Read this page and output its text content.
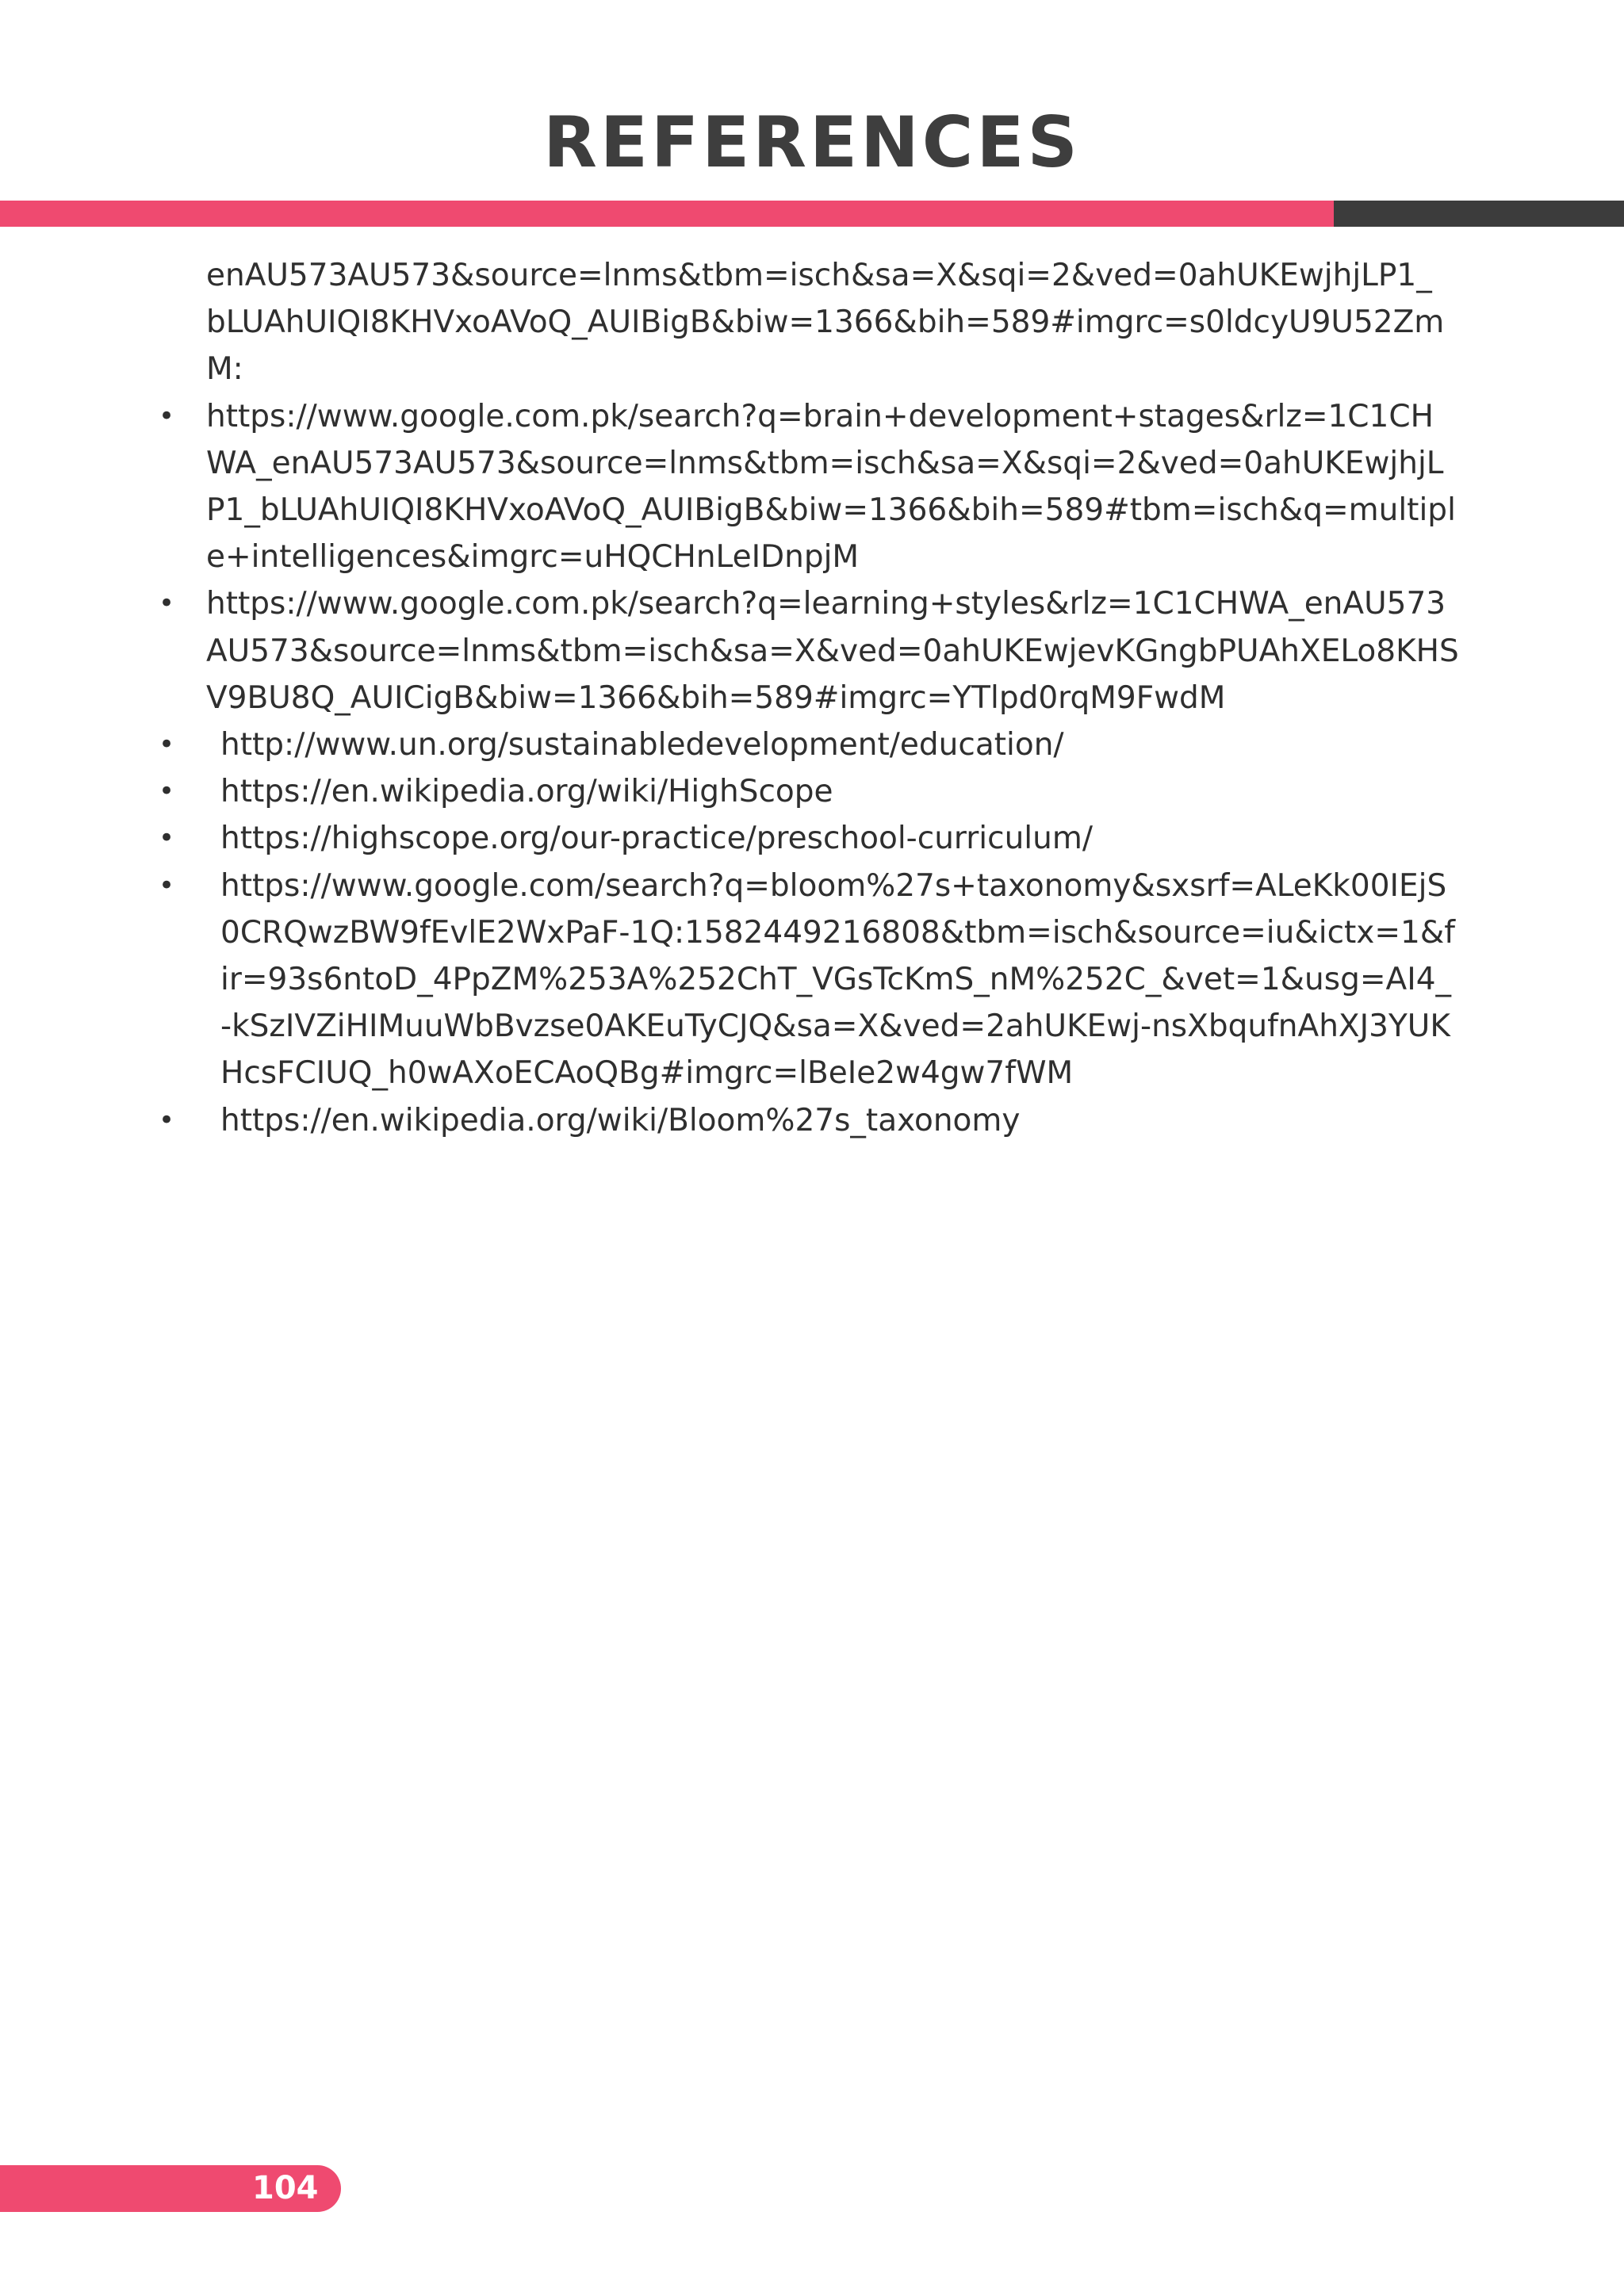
REFERENCES
enAU573AU573&source=lnms&tbm=isch&sa=X&sqi=2&ved=0ahUKEwjhjLP1_ bLUAhUIQI8KHVxoAVoQ_AUIBigB&biw=1366&bih=589#imgrc=s0ldcyU9U52ZmM:
• https://www.google.com.pk/search?q=brain+development+stages&rlz=1C1CHWA_enAU573AU573&source=lnms&tbm=isch&sa=X&sqi=2&ved=0ahUKEwjhjLP1_bLUAhUIQI8KHVxoAVoQ_AUIBigB&biw=1366&bih=589#tbm=isch&q=multiple+intelligences&imgrc=uHQCHnLeIDnpjM
• https://www.google.com.pk/search?q=learning+styles&rlz=1C1CHWA_enAU573AU573&source=lnms&tbm=isch&sa=X&ved=0ahUKEwjevKGngbPUAhXELo8KHSV9BU8Q_AUICigB&biw=1366&bih=589#imgrc=YTlpd0rqM9FwdM
• http://www.un.org/sustainabledevelopment/education/
• https://en.wikipedia.org/wiki/HighScope
• https://highscope.org/our-practice/preschool-curriculum/
• https://www.google.com/search?q=bloom%27s+taxonomy&sxsrf=ALeKk00IEjS0CRQwzBW9fEvlE2WxPaF-1Q:1582449216808&tbm=isch&source=iu&ictx=1&fir=93s6ntoD_4PpZM%253A%252ChT_VGsTcKmS_nM%252C_&vet=1&usg=AI4_-kSzIVZiHIMuuWbBvzse0AKEuTyCJQ&sa=X&ved=2ahUKEwj-nsXbqufnAhXJ3YUKHcsFCIUQ_h0wAXoECAoQBg#imgrc=lBeIe2w4gw7fWM
• https://en.wikipedia.org/wiki/Bloom%27s_taxonomy
104
